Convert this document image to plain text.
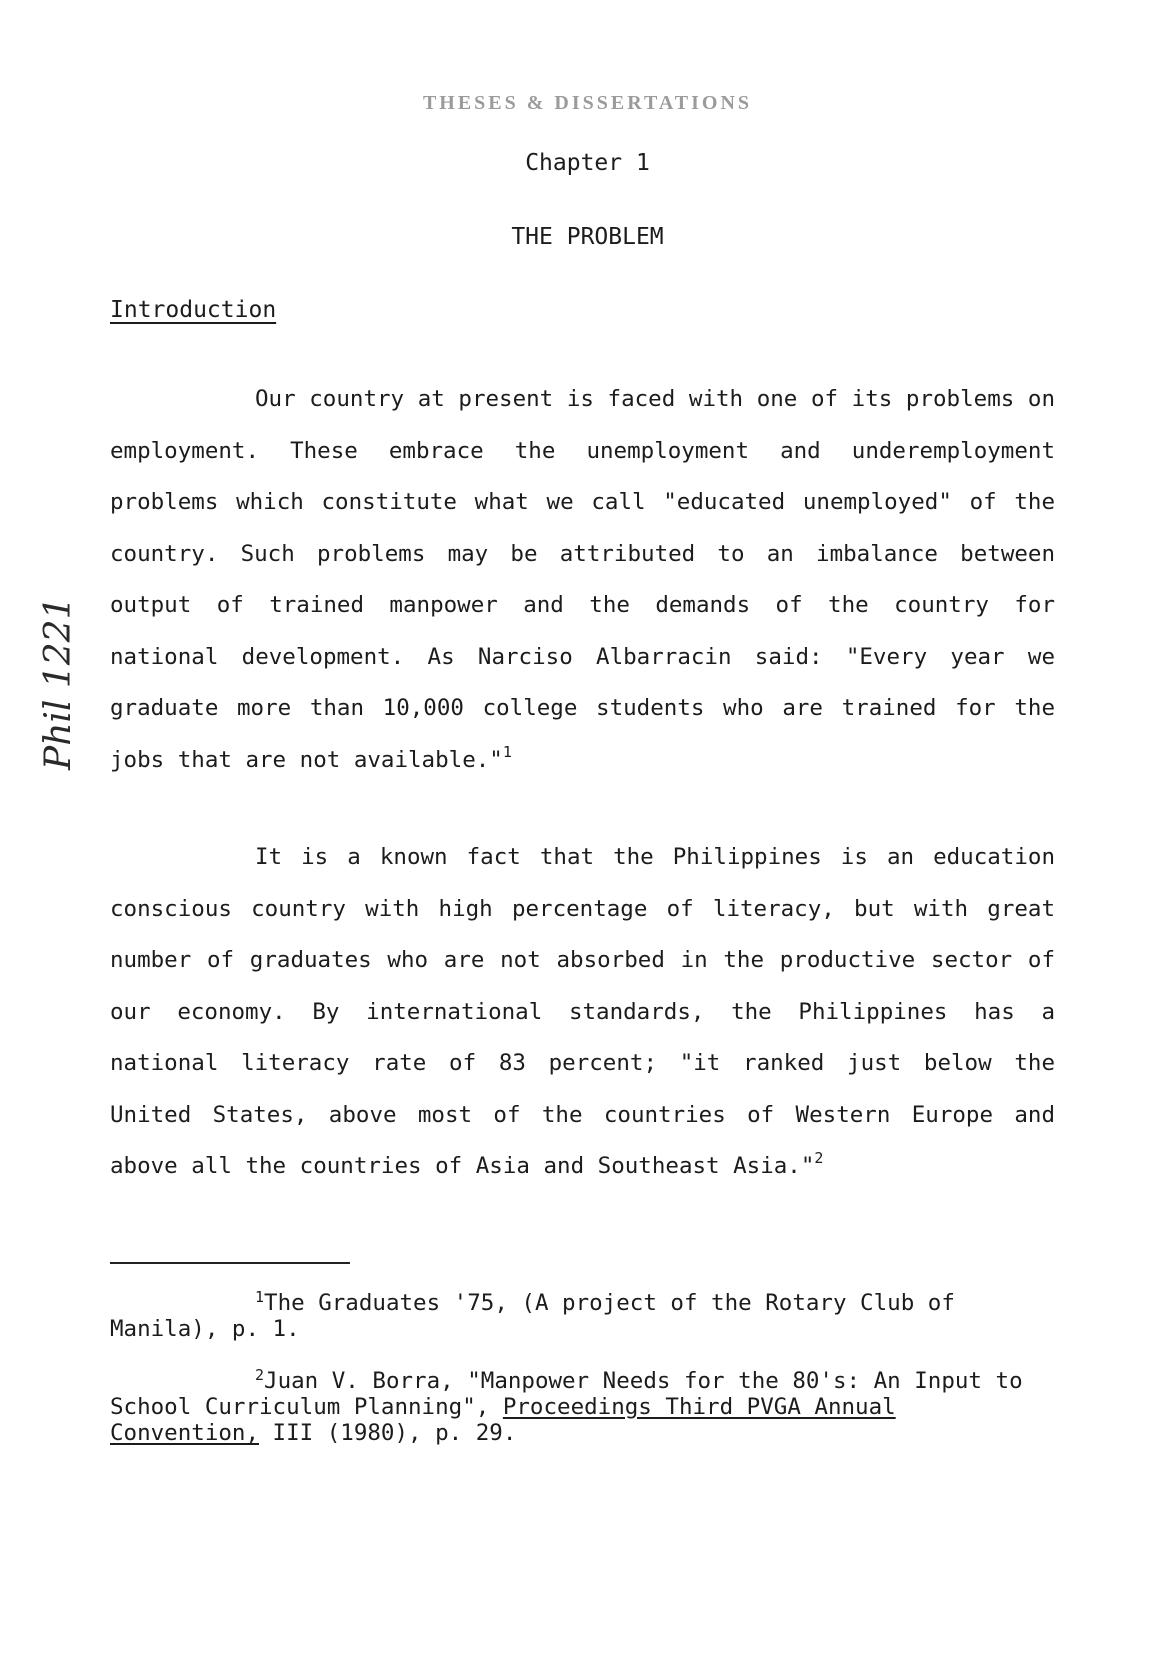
THESES & DISSERTATIONS
Chapter 1
THE PROBLEM
Introduction

Our country at present is faced with one of its problems on employment. These embrace the unemployment and underemployment problems which constitute what we call "educated unemployed" of the country. Such problems may be attributed to an imbalance between output of trained manpower and the demands of the country for national development. As Narciso Albarracin said: "Every year we graduate more than 10,000 college students who are trained for the jobs that are not available."$^1$

It is a known fact that the Philippines is an education conscious country with high percentage of literacy, but with great number of graduates who are not absorbed in the productive sector of our economy. By international standards, the Philippines has a national literacy rate of 83 percent; "it ranked just below the United States, above most of the countries of Western Europe and above all the countries of Asia and Southeast Asia."$^2$

$^1$The Graduates '75, (A project of the Rotary Club of Manila), p. 1.

$^2$Juan V. Borra, "Manpower Needs for the 80's: An Input to School Curriculum Planning", Proceedings Third PVGA Annual Convention, III (1980), p. 29.

Phil 1221
